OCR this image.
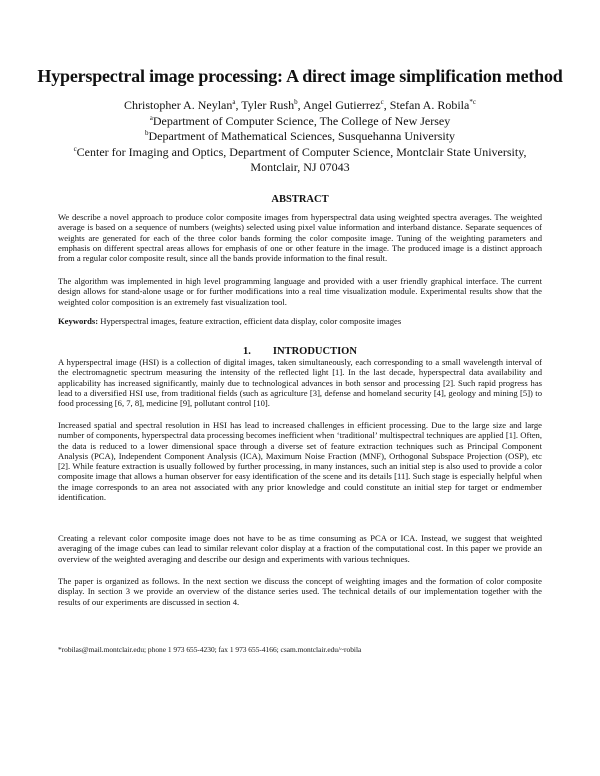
Hyperspectral image processing: A direct image simplification method
Christopher A. Neylan$^a$, Tyler Rush$^b$, Angel Gutierrez$^c$, Stefan A. Robila$^{*c}$
$^a$Department of Computer Science, The College of New Jersey
$^b$Department of Mathematical Sciences, Susquehanna University
$^c$Center for Imaging and Optics, Department of Computer Science, Montclair State University,
Montclair, NJ 07043
ABSTRACT
We describe a novel approach to produce color composite images from hyperspectral data using weighted spectra averages. The weighted average is based on a sequence of numbers (weights) selected using pixel value information and interband distance. Separate sequences of weights are generated for each of the three color bands forming the color composite image. Tuning of the weighting parameters and emphasis on different spectral areas allows for emphasis of one or other feature in the image. The produced image is a distinct approach from a regular color composite result, since all the bands provide information to the final result.
The algorithm was implemented in high level programming language and provided with a user friendly graphical interface. The current design allows for stand-alone usage or for further modifications into a real time visualization module. Experimental results show that the weighted color composition is an extremely fast visualization tool.
Keywords: Hyperspectral images, feature extraction, efficient data display, color composite images
1. INTRODUCTION
A hyperspectral image (HSI) is a collection of digital images, taken simultaneously, each corresponding to a small wavelength interval of the electromagnetic spectrum measuring the intensity of the reflected light [1]. In the last decade, hyperspectral data availability and applicability has increased significantly, mainly due to technological advances in both sensor and processing [2]. Such rapid progress has lead to a diversified HSI use, from traditional fields (such as agriculture [3], defense and homeland security [4], geology and mining [5]) to food processing [6, 7, 8], medicine [9], pollutant control [10].
Increased spatial and spectral resolution in HSI has lead to increased challenges in efficient processing. Due to the large size and large number of components, hyperspectral data processing becomes inefficient when ‘traditional’ multispectral techniques are applied [1]. Often, the data is reduced to a lower dimensional space through a diverse set of feature extraction techniques such as Principal Component Analysis (PCA), Independent Component Analysis (ICA), Maximum Noise Fraction (MNF), Orthogonal Subspace Projection (OSP), etc [2]. While feature extraction is usually followed by further processing, in many instances, such an initial step is also used to provide a color composite image that allows a human observer for easy identification of the scene and its details [11]. Such stage is especially helpful when the image corresponds to an area not associated with any prior knowledge and could constitute an initial step for target or endmember identification.
Creating a relevant color composite image does not have to be as time consuming as PCA or ICA. Instead, we suggest that weighted averaging of the image cubes can lead to similar relevant color display at a fraction of the computational cost. In this paper we provide an overview of the weighted averaging and describe our design and experiments with various techniques.
The paper is organized as follows. In the next section we discuss the concept of weighting images and the formation of color composite display. In section 3 we provide an overview of the distance series used. The technical details of our implementation together with the results of our experiments are discussed in section 4.
*robilas@mail.montclair.edu; phone 1 973 655-4230; fax 1 973 655-4166; csam.montclair.edu/~robila
